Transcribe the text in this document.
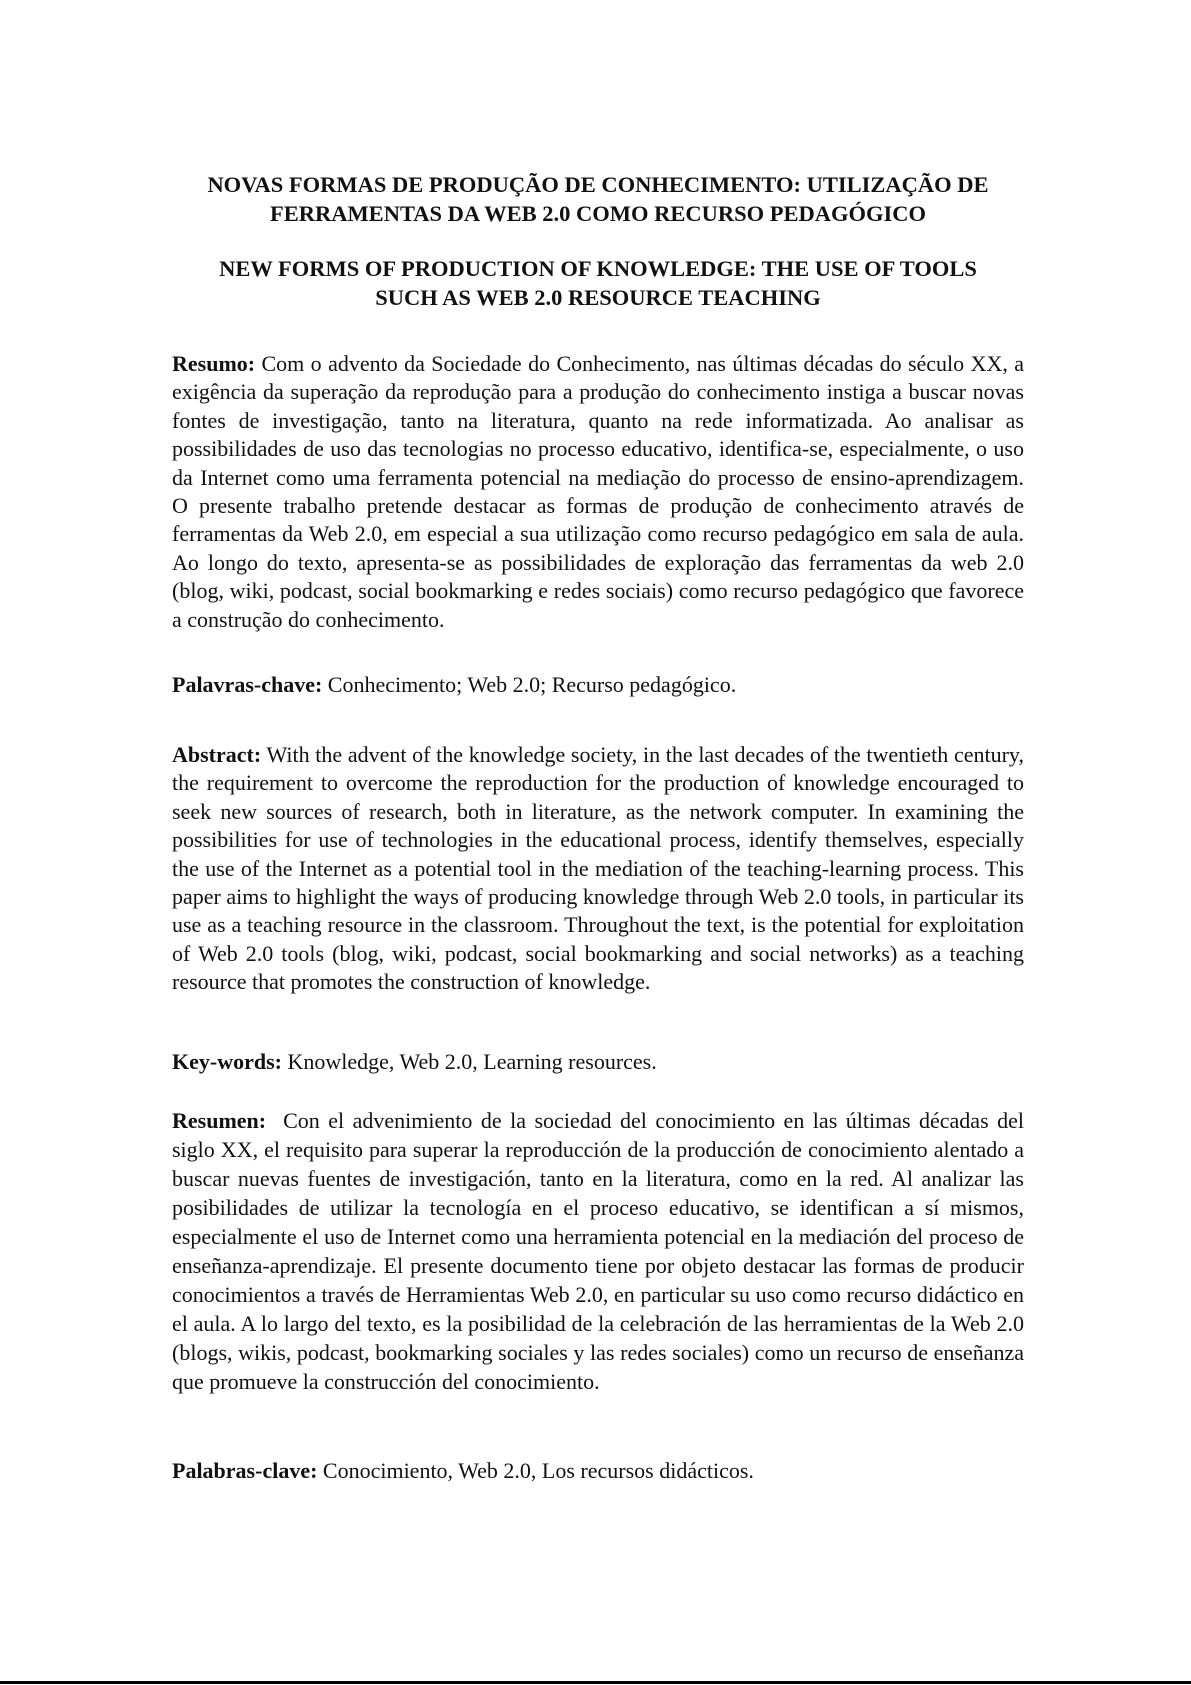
NOVAS FORMAS DE PRODUÇÃO DE CONHECIMENTO: UTILIZAÇÃO DE
FERRAMENTAS DA WEB 2.0 COMO RECURSO PEDAGÓGICO
NEW FORMS OF PRODUCTION OF KNOWLEDGE: THE USE OF TOOLS
SUCH AS WEB 2.0 RESOURCE TEACHING
Resumo: Com o advento da Sociedade do Conhecimento, nas últimas décadas do século XX, a exigência da superação da reprodução para a produção do conhecimento instiga a buscar novas fontes de investigação, tanto na literatura, quanto na rede informatizada. Ao analisar as possibilidades de uso das tecnologias no processo educativo, identifica-se, especialmente, o uso da Internet como uma ferramenta potencial na mediação do processo de ensino-aprendizagem. O presente trabalho pretende destacar as formas de produção de conhecimento através de ferramentas da Web 2.0, em especial a sua utilização como recurso pedagógico em sala de aula. Ao longo do texto, apresenta-se as possibilidades de exploração das ferramentas da web 2.0 (blog, wiki, podcast, social bookmarking e redes sociais) como recurso pedagógico que favorece a construção do conhecimento.
Palavras-chave: Conhecimento; Web 2.0; Recurso pedagógico.
Abstract: With the advent of the knowledge society, in the last decades of the twentieth century, the requirement to overcome the reproduction for the production of knowledge encouraged to seek new sources of research, both in literature, as the network computer. In examining the possibilities for use of technologies in the educational process, identify themselves, especially the use of the Internet as a potential tool in the mediation of the teaching-learning process. This paper aims to highlight the ways of producing knowledge through Web 2.0 tools, in particular its use as a teaching resource in the classroom. Throughout the text, is the potential for exploitation of Web 2.0 tools (blog, wiki, podcast, social bookmarking and social networks) as a teaching resource that promotes the construction of knowledge.
Key-words: Knowledge, Web 2.0, Learning resources.
Resumen:  Con el advenimiento de la sociedad del conocimiento en las últimas décadas del siglo XX, el requisito para superar la reproducción de la producción de conocimiento alentado a buscar nuevas fuentes de investigación, tanto en la literatura, como en la red. Al analizar las posibilidades de utilizar la tecnología en el proceso educativo, se identifican a sí mismos, especialmente el uso de Internet como una herramienta potencial en la mediación del proceso de enseñanza-aprendizaje. El presente documento tiene por objeto destacar las formas de producir conocimientos a través de Herramientas Web 2.0, en particular su uso como recurso didáctico en el aula. A lo largo del texto, es la posibilidad de la celebración de las herramientas de la Web 2.0 (blogs, wikis, podcast, bookmarking sociales y las redes sociales) como un recurso de enseñanza que promueve la construcción del conocimiento.
Palabras-clave: Conocimiento, Web 2.0, Los recursos didácticos.
